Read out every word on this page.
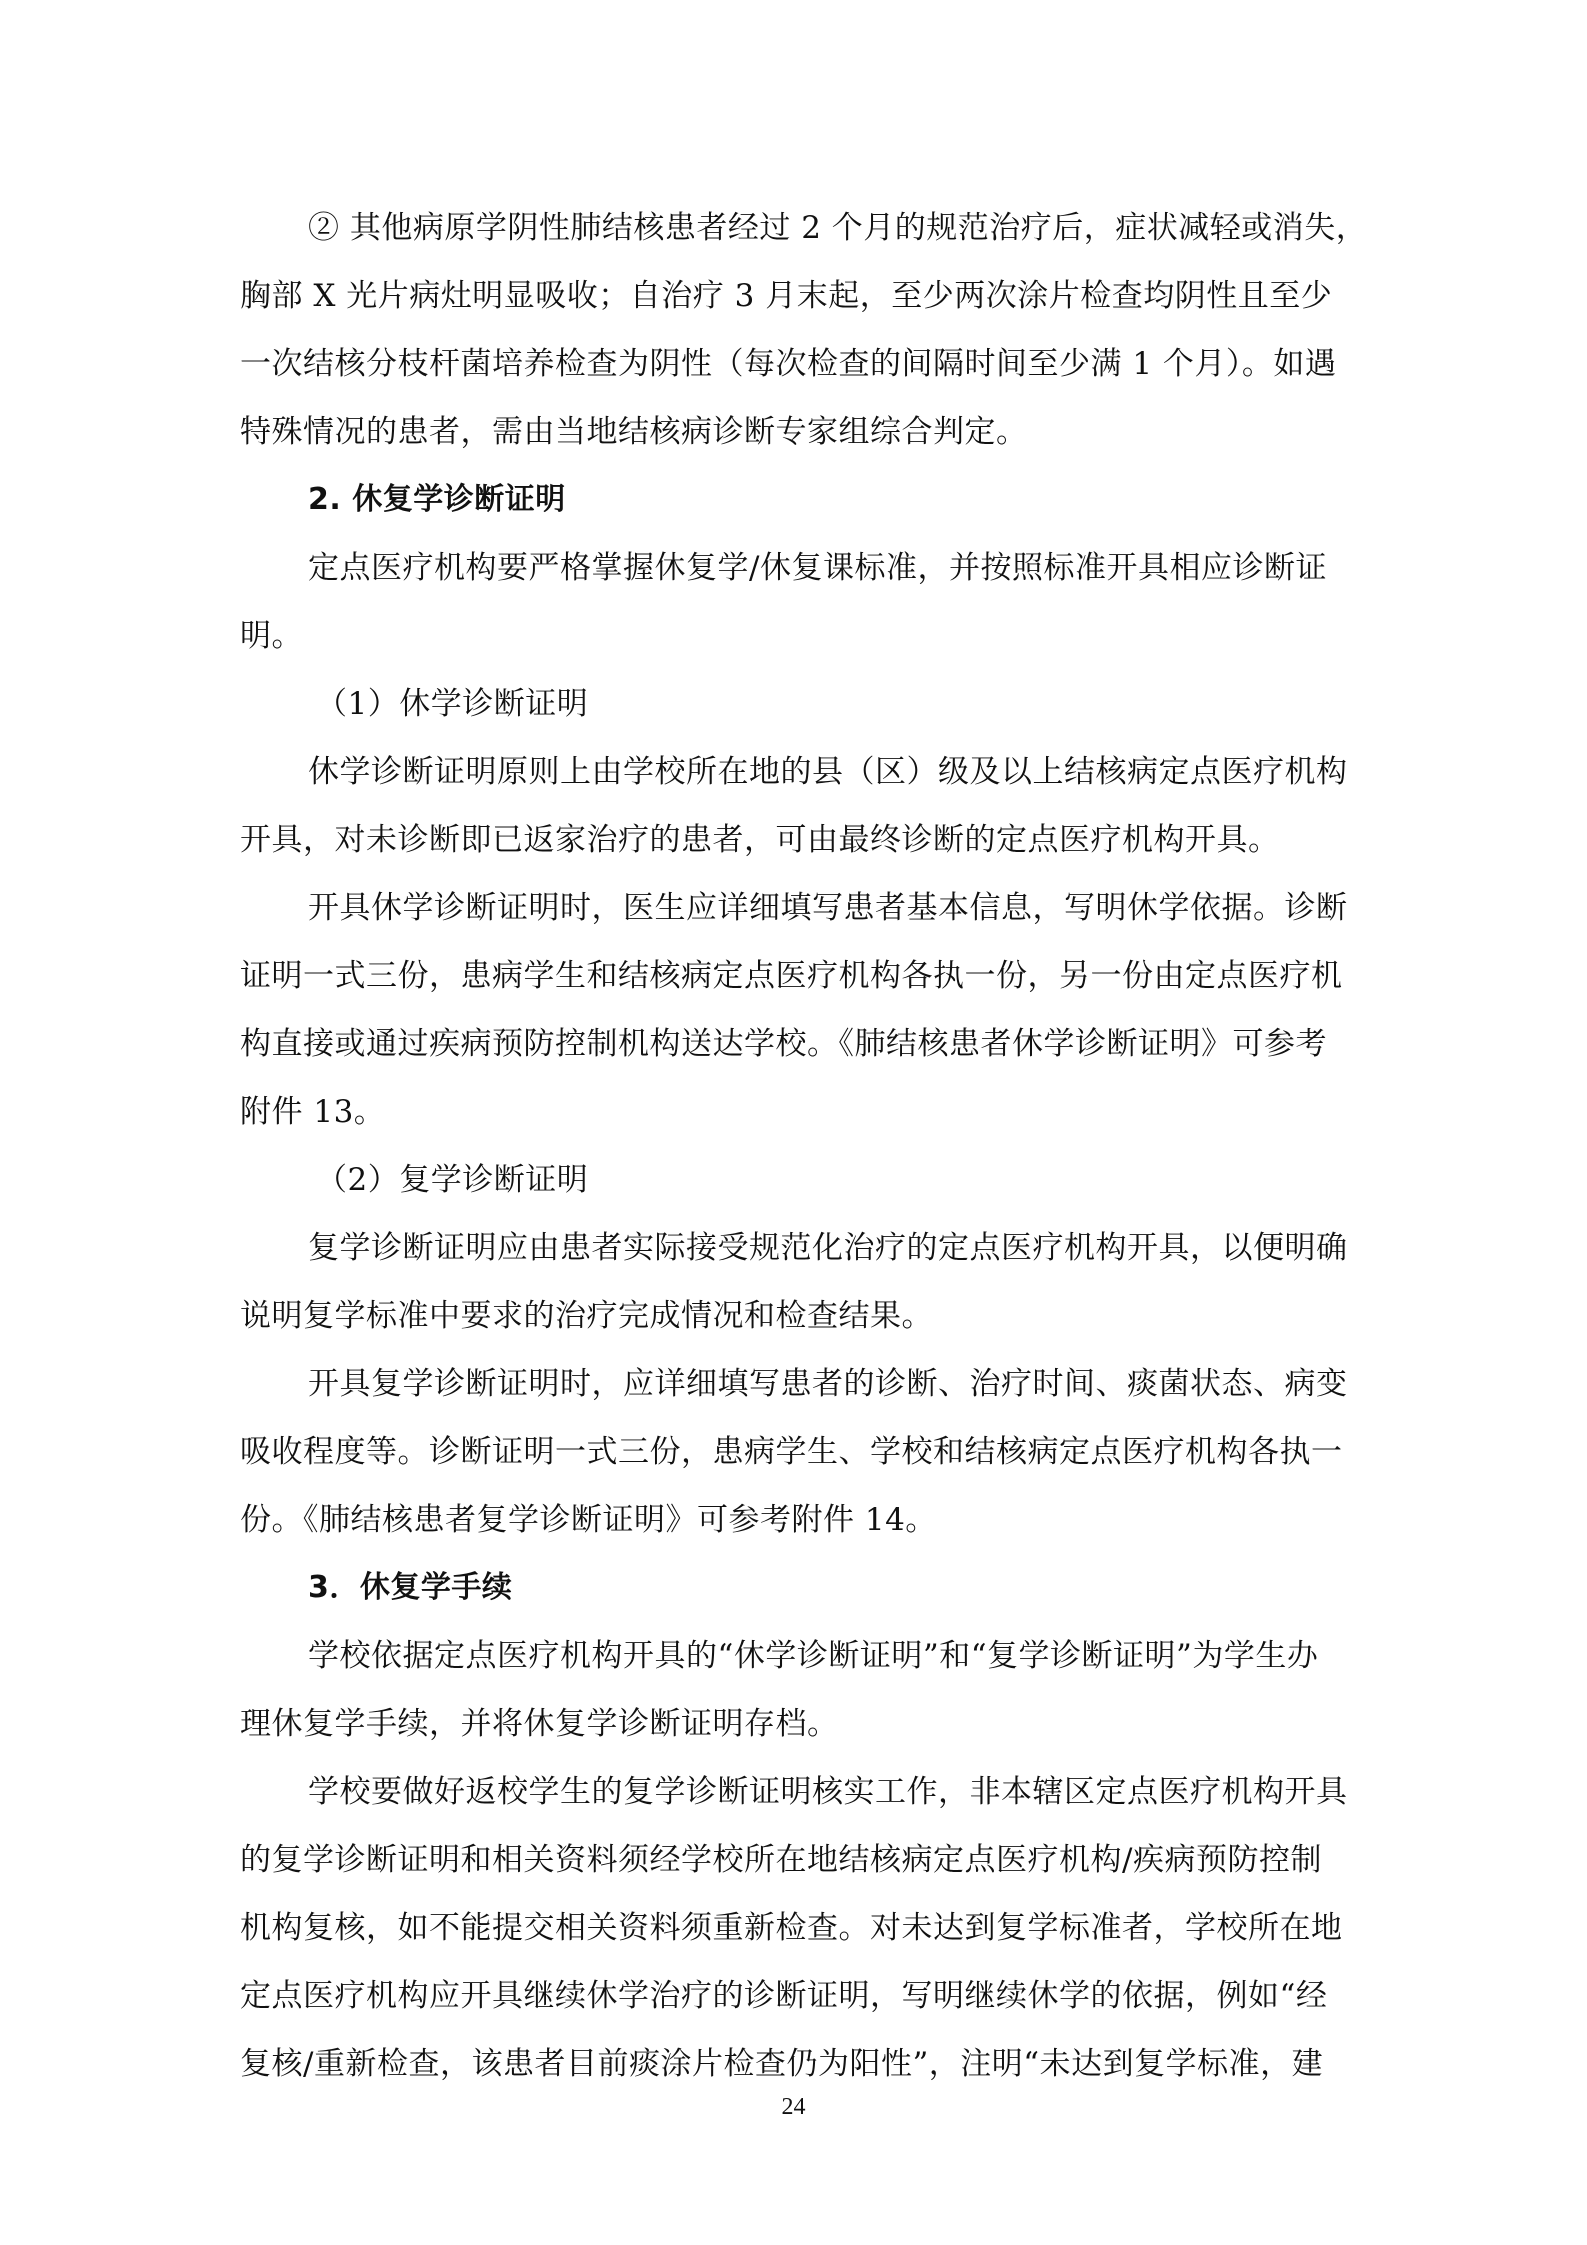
② 其他病原学阴性肺结核患者经过 2 个月的规范治疗后，症状减轻或消失，
胸部 X 光片病灶明显吸收；自治疗 3 月末起，至少两次涂片检查均阴性且至少
一次结核分枝杆菌培养检查为阴性（每次检查的间隔时间至少满 1 个月）。如遇
特殊情况的患者，需由当地结核病诊断专家组综合判定。
2. 休复学诊断证明
定点医疗机构要严格掌握休复学/休复课标准，并按照标准开具相应诊断证
明。
（1）休学诊断证明
休学诊断证明原则上由学校所在地的县（区）级及以上结核病定点医疗机构
开具，对未诊断即已返家治疗的患者，可由最终诊断的定点医疗机构开具。
开具休学诊断证明时，医生应详细填写患者基本信息，写明休学依据。诊断
证明一式三份，患病学生和结核病定点医疗机构各执一份，另一份由定点医疗机
构直接或通过疾病预防控制机构送达学校。《肺结核患者休学诊断证明》可参考
附件 13。
（2）复学诊断证明
复学诊断证明应由患者实际接受规范化治疗的定点医疗机构开具，以便明确
说明复学标准中要求的治疗完成情况和检查结果。
开具复学诊断证明时，应详细填写患者的诊断、治疗时间、痰菌状态、病变
吸收程度等。诊断证明一式三份，患病学生、学校和结核病定点医疗机构各执一
份。《肺结核患者复学诊断证明》可参考附件 14。
3．休复学手续
学校依据定点医疗机构开具的“休学诊断证明”和“复学诊断证明”为学生办
理休复学手续，并将休复学诊断证明存档。
学校要做好返校学生的复学诊断证明核实工作，非本辖区定点医疗机构开具
的复学诊断证明和相关资料须经学校所在地结核病定点医疗机构/疾病预防控制
机构复核，如不能提交相关资料须重新检查。对未达到复学标准者，学校所在地
定点医疗机构应开具继续休学治疗的诊断证明，写明继续休学的依据，例如“经
复核/重新检查，该患者目前痰涂片检查仍为阳性”，注明“未达到复学标准，建
24
